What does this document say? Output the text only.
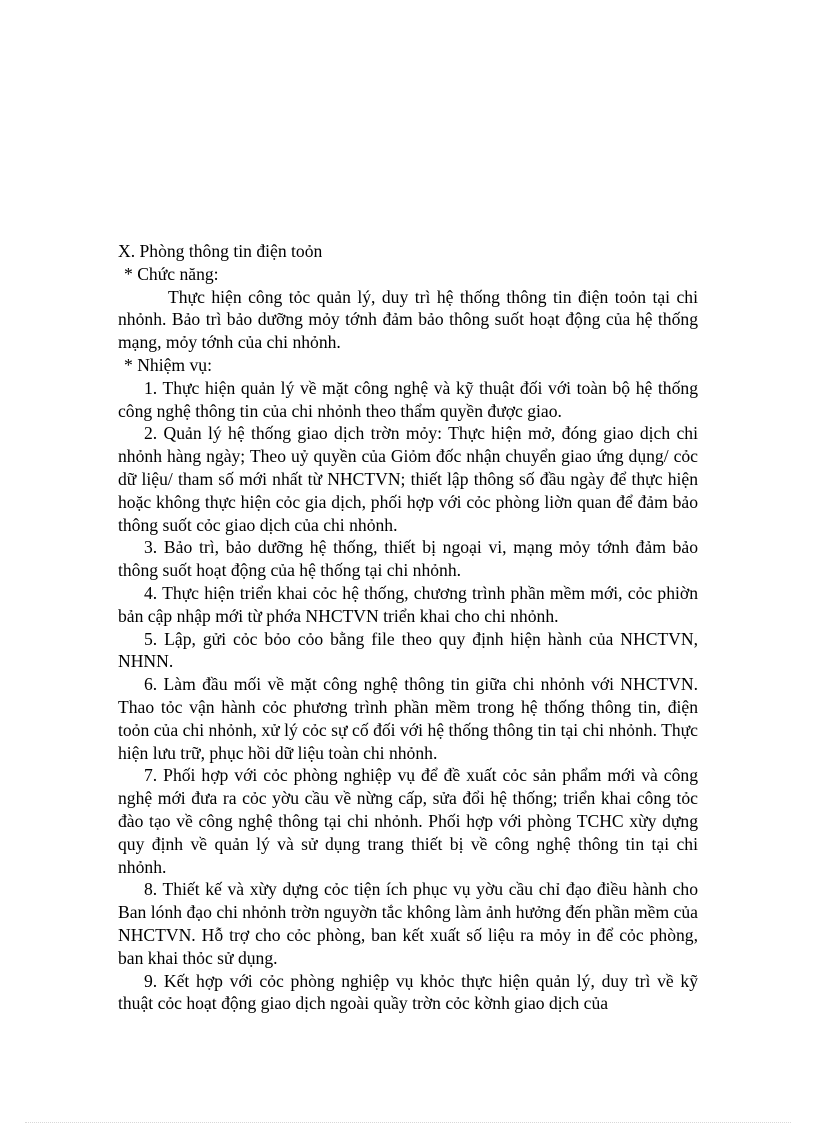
X. Phòng thông tin điện toỏn

* Chức năng:

Thực hiện công tỏc quản lý, duy trì hệ thống thông tin điện toỏn tại chi nhỏnh. Bảo trì bảo dưỡng mỏy tớnh đảm bảo thông suốt hoạt động của hệ thống mạng, mỏy tớnh của chi nhỏnh.

* Nhiệm vụ:

1. Thực hiện quản lý về mặt công nghệ và kỹ thuật đối với toàn bộ hệ thống công nghệ thông tin của chi nhỏnh theo thẩm quyền được giao.

2. Quản lý hệ thống giao dịch trờn mỏy: Thực hiện mở, đóng giao dịch chi nhỏnh hàng ngày; Theo uỷ quyền của Giỏm đốc nhận chuyển giao ứng dụng/ cỏc dữ liệu/ tham số mới nhất từ NHCTVN; thiết lập thông số đầu ngày để thực hiện hoặc không thực hiện cỏc gia dịch, phối hợp với cỏc phòng liờn quan để đảm bảo thông suốt cỏc giao dịch của chi nhỏnh.

3. Bảo trì, bảo dưỡng hệ thống, thiết bị ngoại vi, mạng mỏy tớnh đảm bảo thông suốt hoạt động của hệ thống tại chi nhỏnh.

4. Thực hiện triển khai cỏc hệ thống, chương trình phần mềm mới, cỏc phiờn bản cập nhập mới từ phớa NHCTVN triển khai cho chi nhỏnh.

5. Lập, gửi cỏc bỏo cỏo bằng file theo quy định hiện hành của NHCTVN, NHNN.

6. Làm đầu mối về mặt công nghệ thông tin giữa chi nhỏnh với NHCTVN. Thao tỏc vận hành cỏc phương trình phần mềm trong hệ thống thông tin, điện toỏn của chi nhỏnh, xử lý cỏc sự cố đối với hệ thống thông tin tại chi nhỏnh. Thực hiện lưu trữ, phục hồi dữ liệu toàn chi nhỏnh.

7. Phối hợp với cỏc phòng nghiệp vụ để đề xuất cỏc sản phẩm mới và công nghệ mới đưa ra cỏc yờu cầu về nừng cấp, sửa đổi hệ thống; triển khai công tỏc đào tạo về công nghệ thông tại chi nhỏnh. Phối hợp với phòng TCHC xừy dựng quy định về quản lý và sử dụng trang thiết bị về công nghệ thông tin tại chi nhỏnh.

8. Thiết kế và xừy dựng cỏc tiện ích phục vụ yờu cầu chỉ đạo điều hành cho Ban lónh đạo chi nhỏnh trờn nguyờn tắc không làm ảnh hưởng đến phần mềm của NHCTVN. Hỗ trợ cho cỏc phòng, ban kết xuất số liệu ra mỏy in để cỏc phòng, ban khai thỏc sử dụng.

9. Kết hợp với cỏc phòng nghiệp vụ khỏc thực hiện quản lý, duy trì về kỹ thuật cỏc hoạt động giao dịch ngoài quầy trờn cỏc kờnh giao dịch của
